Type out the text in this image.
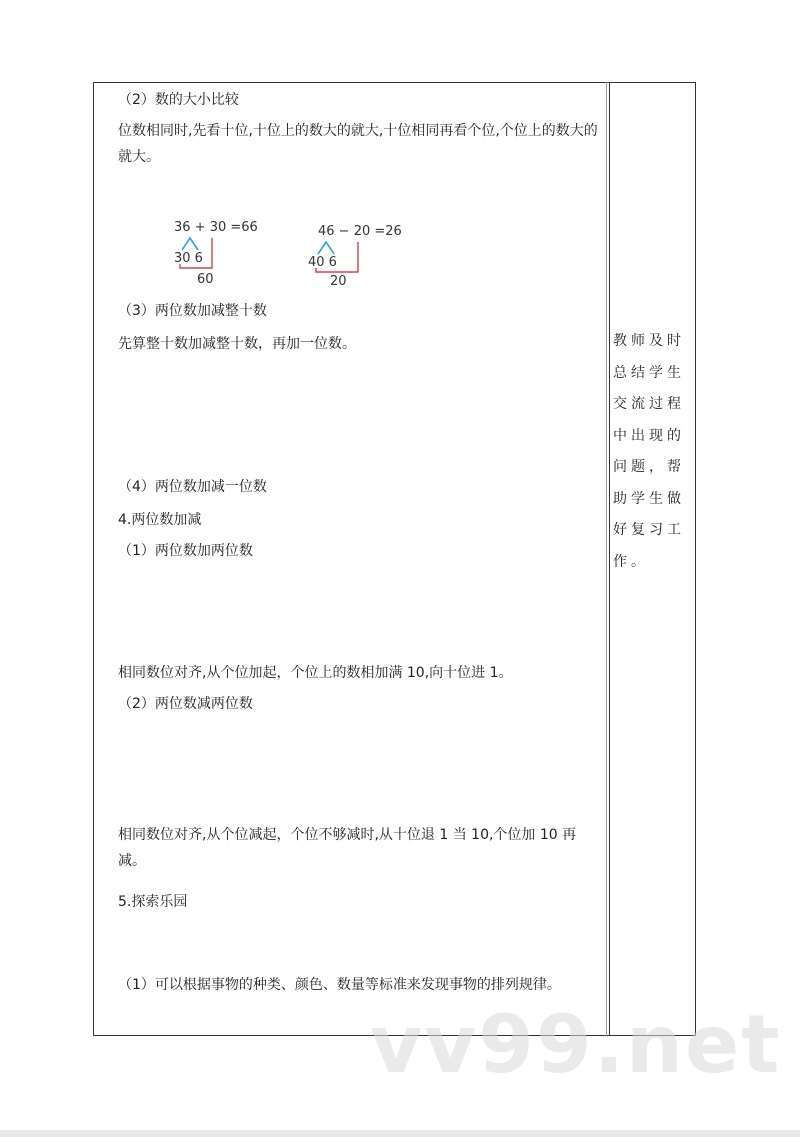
（2）数的大小比较
位数相同时,先看十位,十位上的数大的就大,十位相同再看个位,个位上的数大的就大。
36 + 30 =66
30 6
60
46 − 20 =26
40 6
20
（3）两位数加减整十数
先算整十数加减整十数，再加一位数。
（4）两位数加减一位数
4.两位数加减
（1）两位数加两位数
相同数位对齐,从个位加起，个位上的数相加满 10,向十位进 1。
（2）两位数减两位数
相同数位对齐,从个位减起，个位不够减时,从十位退 1 当 10,个位加 10 再减。
5.探索乐园
（1）可以根据事物的种类、颜色、数量等标准来发现事物的排列规律。
教师及时
总结学生
交流过程
中出现的
问题，帮
助学生做
好复习工
作。
vv99.net
